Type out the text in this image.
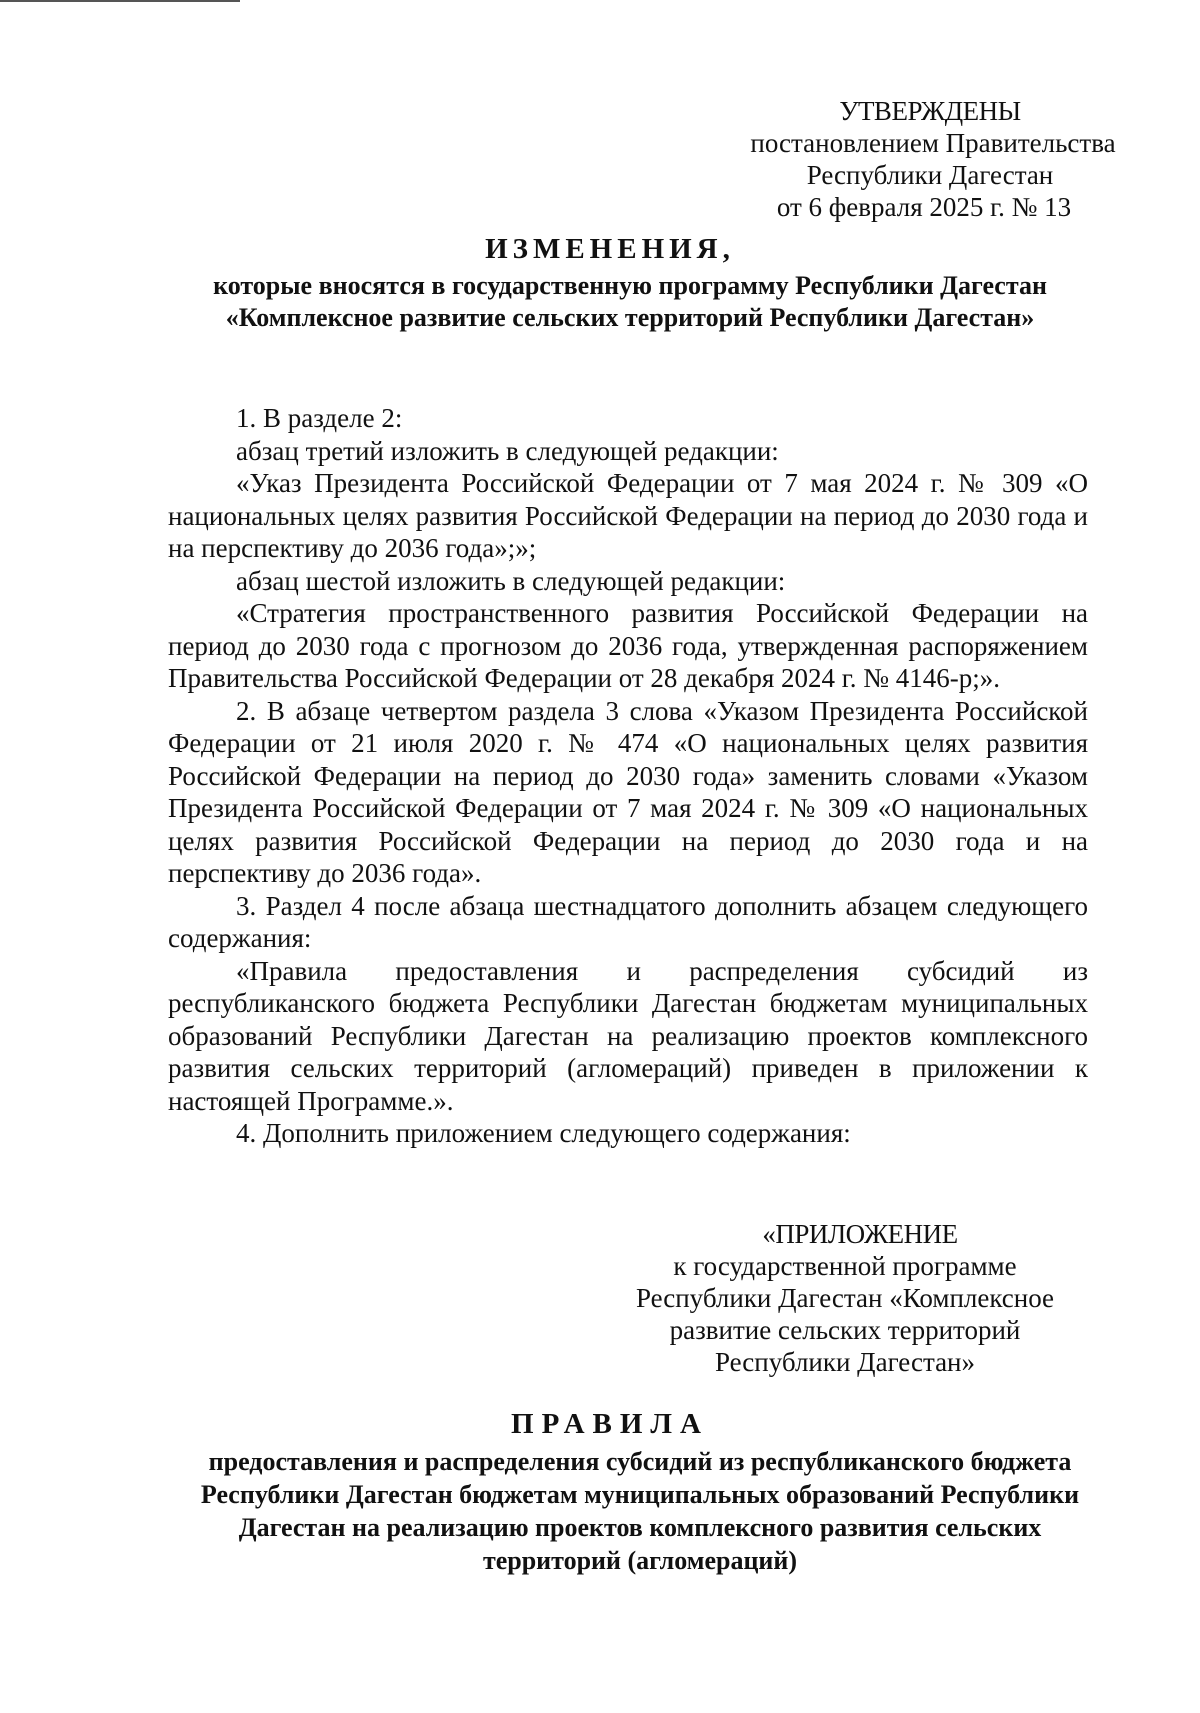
УТВЕРЖДЕНЫ
постановлением Правительства
Республики Дагестан
от 6 февраля 2025 г. № 13
ИЗМЕНЕНИЯ,
которые вносятся в государственную программу Республики Дагестан «Комплексное развитие сельских территорий Республики Дагестан»

1. В разделе 2:

абзац третий изложить в следующей редакции:

«Указ Президента Российской Федерации от 7 мая 2024 г. № 309 «О национальных целях развития Российской Федерации на период до 2030 года и на перспективу до 2036 года»;»;

абзац шестой изложить в следующей редакции:

«Стратегия пространственного развития Российской Федерации на период до 2030 года с прогнозом до 2036 года, утвержденная распоряжением Правительства Российской Федерации от 28 декабря 2024 г. № 4146-р;».

2. В абзаце четвертом раздела 3 слова «Указом Президента Российской Федерации от 21 июля 2020 г. № 474 «О национальных целях развития Российской Федерации на период до 2030 года» заменить словами «Указом Президента Российской Федерации от 7 мая 2024 г. № 309 «О национальных целях развития Российской Федерации на период до 2030 года и на перспективу до 2036 года».

3. Раздел 4 после абзаца шестнадцатого дополнить абзацем следующего содержания:

«Правила предоставления и распределения субсидий из республиканского бюджета Республики Дагестан бюджетам муниципальных образований Республики Дагестан на реализацию проектов комплексного развития сельских территорий (агломераций) приведен в приложении к настоящей Программе.».

4. Дополнить приложением следующего содержания:

«ПРИЛОЖЕНИЕ
к государственной программе
Республики Дагестан «Комплексное
развитие сельских территорий
Республики Дагестан»
ПРАВИЛА
предоставления и распределения субсидий из республиканского бюджета Республики Дагестан бюджетам муниципальных образований Республики Дагестан на реализацию проектов комплексного развития сельских территорий (агломераций)
